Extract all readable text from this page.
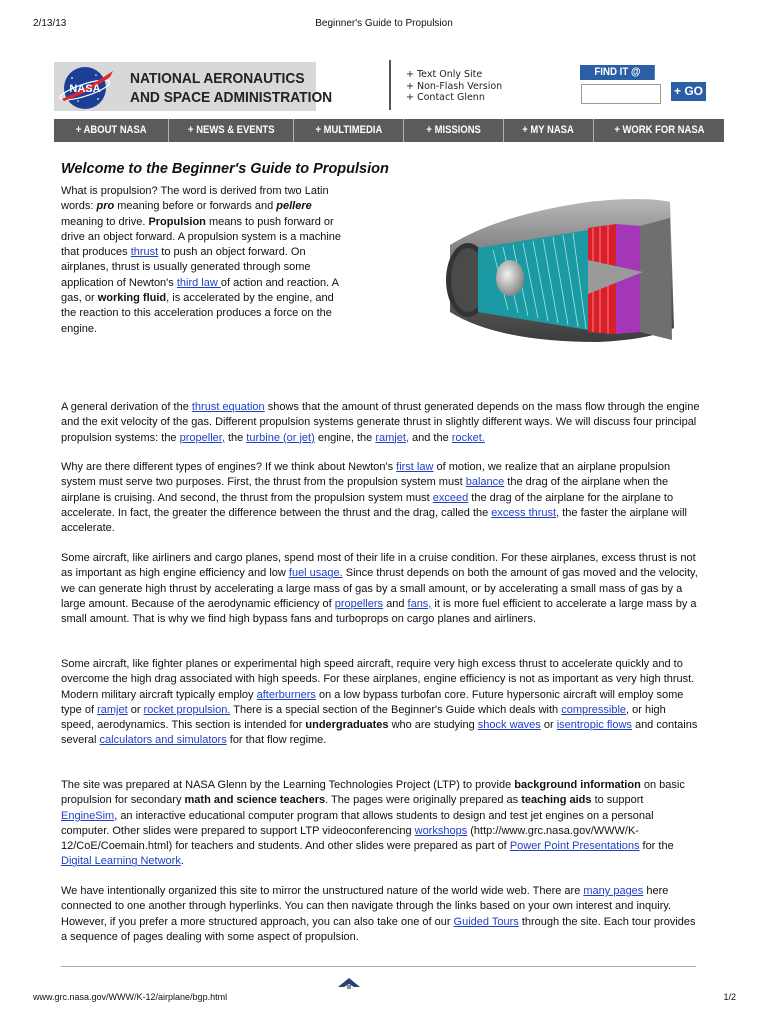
2/13/13	Beginner's Guide to Propulsion
NASA
NATIONAL AERONAUTICS
AND SPACE ADMINISTRATION
+ Text Only Site
+ Non-Flash Version
+ Contact Glenn
FIND IT @
+ GO
+ ABOUT NASA	+ NEWS & EVENTS	+ MULTIMEDIA	+ MISSIONS	+ MY NASA	+ WORK FOR NASA
Welcome to the Beginner's Guide to Propulsion
What is propulsion? The word is derived from two Latin words: pro meaning before or forwards and pellere meaning to drive. Propulsion means to push forward or drive an object forward. A propulsion system is a machine that produces thrust to push an object forward. On airplanes, thrust is usually generated through some application of Newton's third law of action and reaction. A gas, or working fluid, is accelerated by the engine, and the reaction to this acceleration produces a force on the engine.
A general derivation of the thrust equation shows that the amount of thrust generated depends on the mass flow through the engine and the exit velocity of the gas. Different propulsion systems generate thrust in slightly different ways. We will discuss four principal propulsion systems: the propeller, the turbine (or jet) engine, the ramjet, and the rocket.
Why are there different types of engines? If we think about Newton's first law of motion, we realize that an airplane propulsion system must serve two purposes. First, the thrust from the propulsion system must balance the drag of the airplane when the airplane is cruising. And second, the thrust from the propulsion system must exceed the drag of the airplane for the airplane to accelerate. In fact, the greater the difference between the thrust and the drag, called the excess thrust, the faster the airplane will accelerate.
Some aircraft, like airliners and cargo planes, spend most of their life in a cruise condition. For these airplanes, excess thrust is not as important as high engine efficiency and low fuel usage. Since thrust depends on both the amount of gas moved and the velocity, we can generate high thrust by accelerating a large mass of gas by a small amount, or by accelerating a small mass of gas by a large amount. Because of the aerodynamic efficiency of propellers and fans, it is more fuel efficient to accelerate a large mass by a small amount. That is why we find high bypass fans and turboprops on cargo planes and airliners.
Some aircraft, like fighter planes or experimental high speed aircraft, require very high excess thrust to accelerate quickly and to overcome the high drag associated with high speeds. For these airplanes, engine efficiency is not as important as very high thrust. Modern military aircraft typically employ afterburners on a low bypass turbofan core. Future hypersonic aircraft will employ some type of ramjet or rocket propulsion. There is a special section of the Beginner's Guide which deals with compressible, or high speed, aerodynamics. This section is intended for undergraduates who are studying shock waves or isentropic flows and contains several calculators and simulators for that flow regime.
The site was prepared at NASA Glenn by the Learning Technologies Project (LTP) to provide background information on basic propulsion for secondary math and science teachers. The pages were originally prepared as teaching aids to support EngineSim, an interactive educational computer program that allows students to design and test jet engines on a personal computer. Other slides were prepared to support LTP videoconferencing workshops (http://www.grc.nasa.gov/WWW/K-12/CoE/Coemain.html) for teachers and students. And other slides were prepared as part of Power Point Presentations for the Digital Learning Network.
We have intentionally organized this site to mirror the unstructured nature of the world wide web. There are many pages here connected to one another through hyperlinks. You can then navigate through the links based on your own interest and inquiry. However, if you prefer a more structured approach, you can also take one of our Guided Tours through the site. Each tour provides a sequence of pages dealing with some aspect of propulsion.
www.grc.nasa.gov/WWW/K-12/airplane/bgp.html	1/2
